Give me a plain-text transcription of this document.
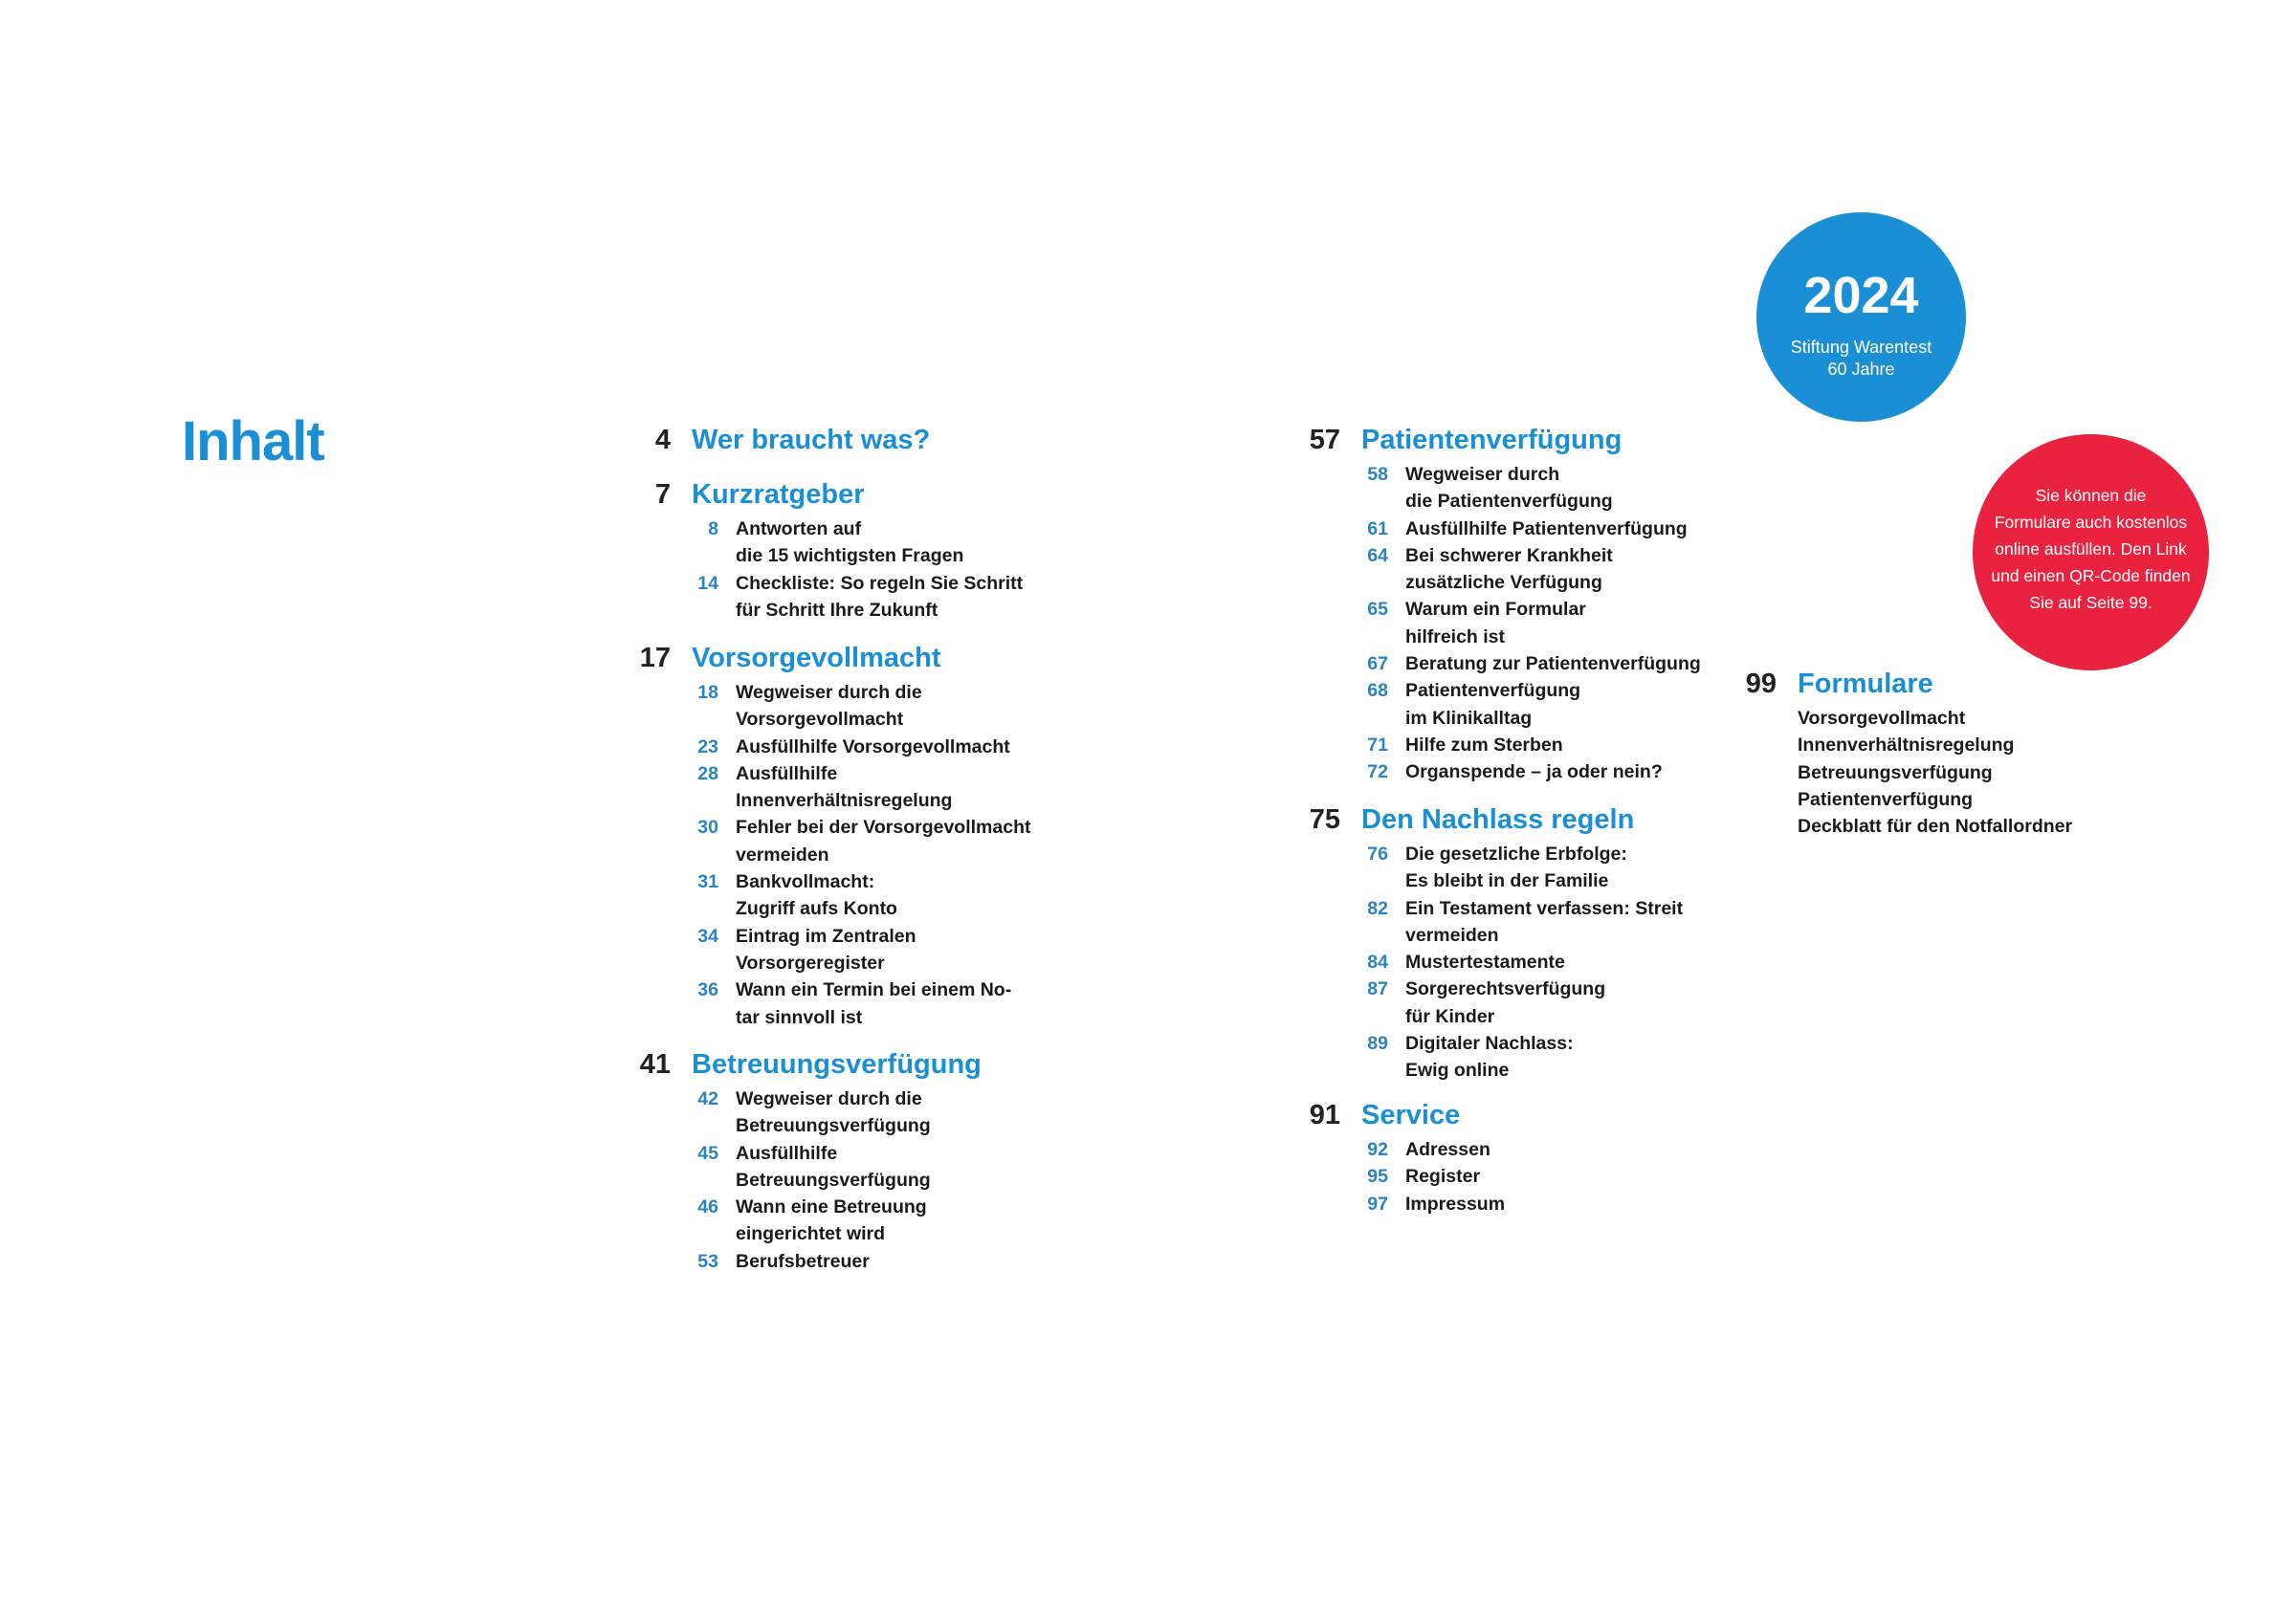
Inhalt	4 Wer braucht was?
7 Kurzratgeber
8 Antworten auf
die 15 wichtigsten Fragen
14 Checkliste: So regeln Sie Schritt
für Schritt Ihre Zukunft
17 Vorsorgevollmacht
18 Wegweiser durch die
Vorsorgevollmacht
23 Ausfüllhilfe Vorsorgevollmacht
28 Ausfüllhilfe
Innenverhältnisregelung
30 Fehler bei der Vorsorgevollmacht
vermeiden
31 Bankvollmacht:
Zugriff aufs Konto
34 Eintrag im Zentralen
Vorsorgeregister
36 Wann ein Termin bei einem No-
tar sinnvoll ist
41 Betreuungsverfügung
42 Wegweiser durch die
Betreuungsverfügung
45 Ausfüllhilfe
Betreuungsverfügung
46 Wann eine Betreuung
eingerichtet wird
53 Berufsbetreuer
57 Patientenverfügung
58 Wegweiser durch
die Patientenverfügung
61 Ausfüllhilfe Patientenverfügung
64 Bei schwerer Krankheit
zusätzliche Verfügung
65 Warum ein Formular
hilfreich ist
67 Beratung zur Patientenverfügung
68 Patientenverfügung
im Klinikalltag
71 Hilfe zum Sterben
72 Organspende – ja oder nein?
75 Den Nachlass regeln
76 Die gesetzliche Erbfolge:
Es bleibt in der Familie
82 Ein Testament verfassen: Streit
vermeiden
84 Mustertestamente
87 Sorgerechtsverfügung
für Kinder
89 Digitaler Nachlass:
Ewig online
91 Service
92 Adressen
95 Register
97 Impressum
99 Formulare
Vorsorgevollmacht
Innenverhältnisregelung
Betreuungsverfügung
Patientenverfügung
Deckblatt für den Notfallordner
2024
Stiftung Warentest
60 Jahre
Sie können die
Formulare auch kostenlos
online ausfüllen. Den Link
und einen QR-Code finden
Sie auf Seite 99.
